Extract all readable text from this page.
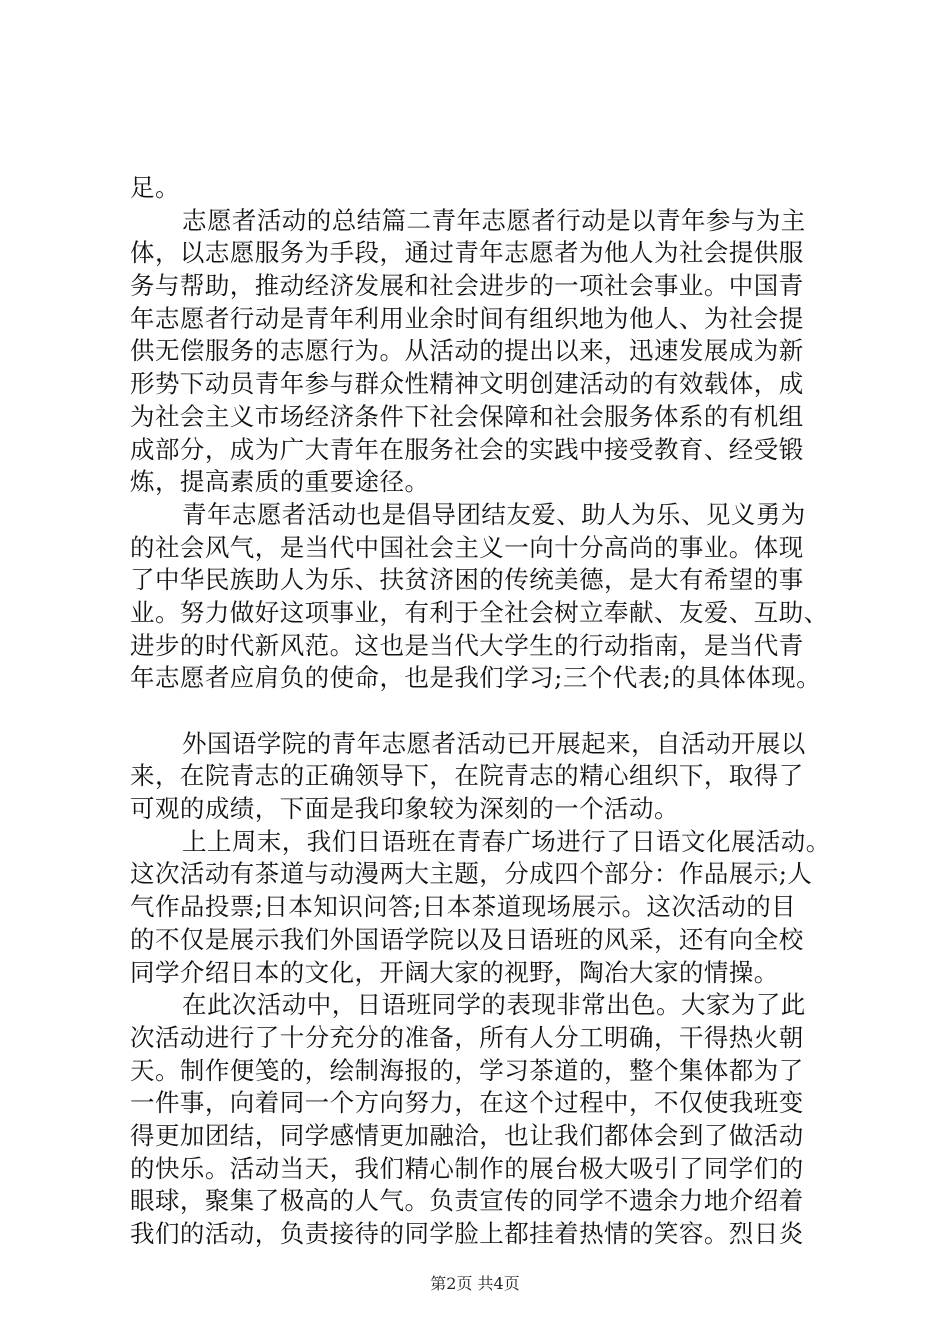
足。
志愿者活动的总结篇二青年志愿者行动是以青年参与为主
体，以志愿服务为手段，通过青年志愿者为他人为社会提供服
务与帮助，推动经济发展和社会进步的一项社会事业。中国青
年志愿者行动是青年利用业余时间有组织地为他人、为社会提
供无偿服务的志愿行为。从活动的提出以来，迅速发展成为新
形势下动员青年参与群众性精神文明创建活动的有效载体，成
为社会主义市场经济条件下社会保障和社会服务体系的有机组
成部分，成为广大青年在服务社会的实践中接受教育、经受锻
炼，提高素质的重要途径。
青年志愿者活动也是倡导团结友爱、助人为乐、见义勇为
的社会风气，是当代中国社会主义一向十分高尚的事业。体现
了中华民族助人为乐、扶贫济困的传统美德，是大有希望的事
业。努力做好这项事业，有利于全社会树立奉献、友爱、互助、
进步的时代新风范。这也是当代大学生的行动指南，是当代青
年志愿者应肩负的使命，也是我们学习;三个代表;的具体体现。
外国语学院的青年志愿者活动已开展起来，自活动开展以
来，在院青志的正确领导下，在院青志的精心组织下，取得了
可观的成绩，下面是我印象较为深刻的一个活动。
上上周末，我们日语班在青春广场进行了日语文化展活动。
这次活动有茶道与动漫两大主题，分成四个部分：作品展示;人
气作品投票;日本知识问答;日本茶道现场展示。这次活动的目
的不仅是展示我们外国语学院以及日语班的风采，还有向全校
同学介绍日本的文化，开阔大家的视野，陶冶大家的情操。
在此次活动中，日语班同学的表现非常出色。大家为了此
次活动进行了十分充分的准备，所有人分工明确，干得热火朝
天。制作便笺的，绘制海报的，学习茶道的，整个集体都为了
一件事，向着同一个方向努力，在这个过程中，不仅使我班变
得更加团结，同学感情更加融洽，也让我们都体会到了做活动
的快乐。活动当天，我们精心制作的展台极大吸引了同学们的
眼球，聚集了极高的人气。负责宣传的同学不遗余力地介绍着
我们的活动，负责接待的同学脸上都挂着热情的笑容。烈日炎
第2页 共4页
